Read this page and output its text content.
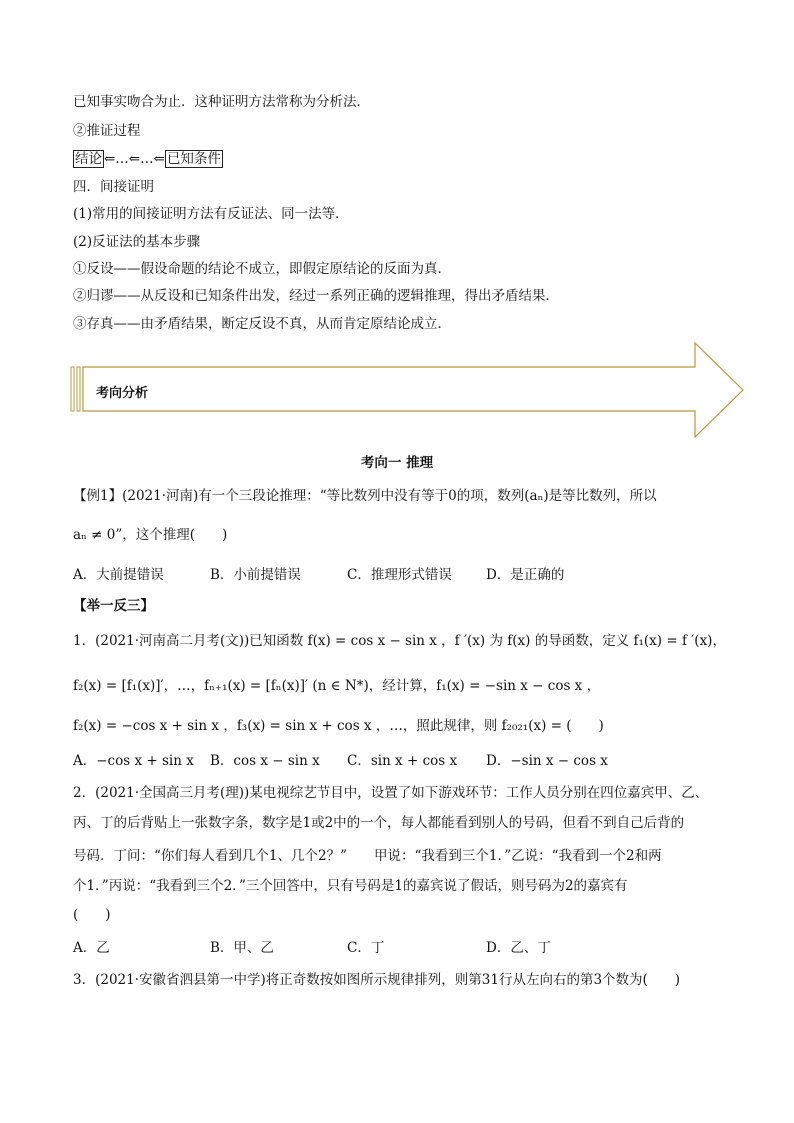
已知事实吻合为止．这种证明方法常称为分析法．
②推证过程
结论 ⇐…⇐…⇐ 已知条件
四．间接证明
(1)常用的间接证明方法有反证法、同一法等．
(2)反证法的基本步骤
①反设——假设命题的结论不成立，即假定原结论的反面为真．
②归谬——从反设和已知条件出发，经过一系列正确的逻辑推理，得出矛盾结果．
③存真——由矛盾结果，断定反设不真，从而肯定原结论成立．
考向分析
考向一 推理
【例1】(2021·河南)有一个三段论推理：“等比数列中没有等于0的项，数列(aₙ)是等比数列，所以
aₙ ≠ 0”，这个推理(　　)
A．大前提错误	B．小前提错误	C．推理形式错误	D．是正确的
【举一反三】
1．(2021·河南高二月考(文))已知函数 f(x) = cos x − sin x ，f ′(x) 为 f(x) 的导函数，定义 f₁(x) = f ′(x)，
f₂(x) = [f₁(x)]′，…，fₙ₊₁(x) = [fₙ(x)]′ (n ∈ N*)，经计算，f₁(x) = −sin x − cos x ，
f₂(x) = −cos x + sin x ，f₃(x) = sin x + cos x ，…，照此规律，则 f₂₀₂₁(x) = (　　)
A．−cos x + sin x B．cos x − sin x C．sin x + cos x D．−sin x − cos x
2．(2021·全国高三月考(理))某电视综艺节目中，设置了如下游戏环节：工作人员分别在四位嘉宾甲、乙、
丙、丁的后背贴上一张数字条，数字是1或2中的一个，每人都能看到别人的号码，但看不到自己后背的
号码．丁问：“你们每人看到几个1、几个2？”　　甲说：“我看到三个1．”乙说：“我看到一个2和两
个1．”丙说：“我看到三个2．”三个回答中，只有号码是1的嘉宾说了假话，则号码为2的嘉宾有
(　　)
A．乙	B．甲、乙	C．丁	D．乙、丁
3．(2021·安徽省泗县第一中学)将正奇数按如图所示规律排列，则第31行从左向右的第3个数为(　　)
